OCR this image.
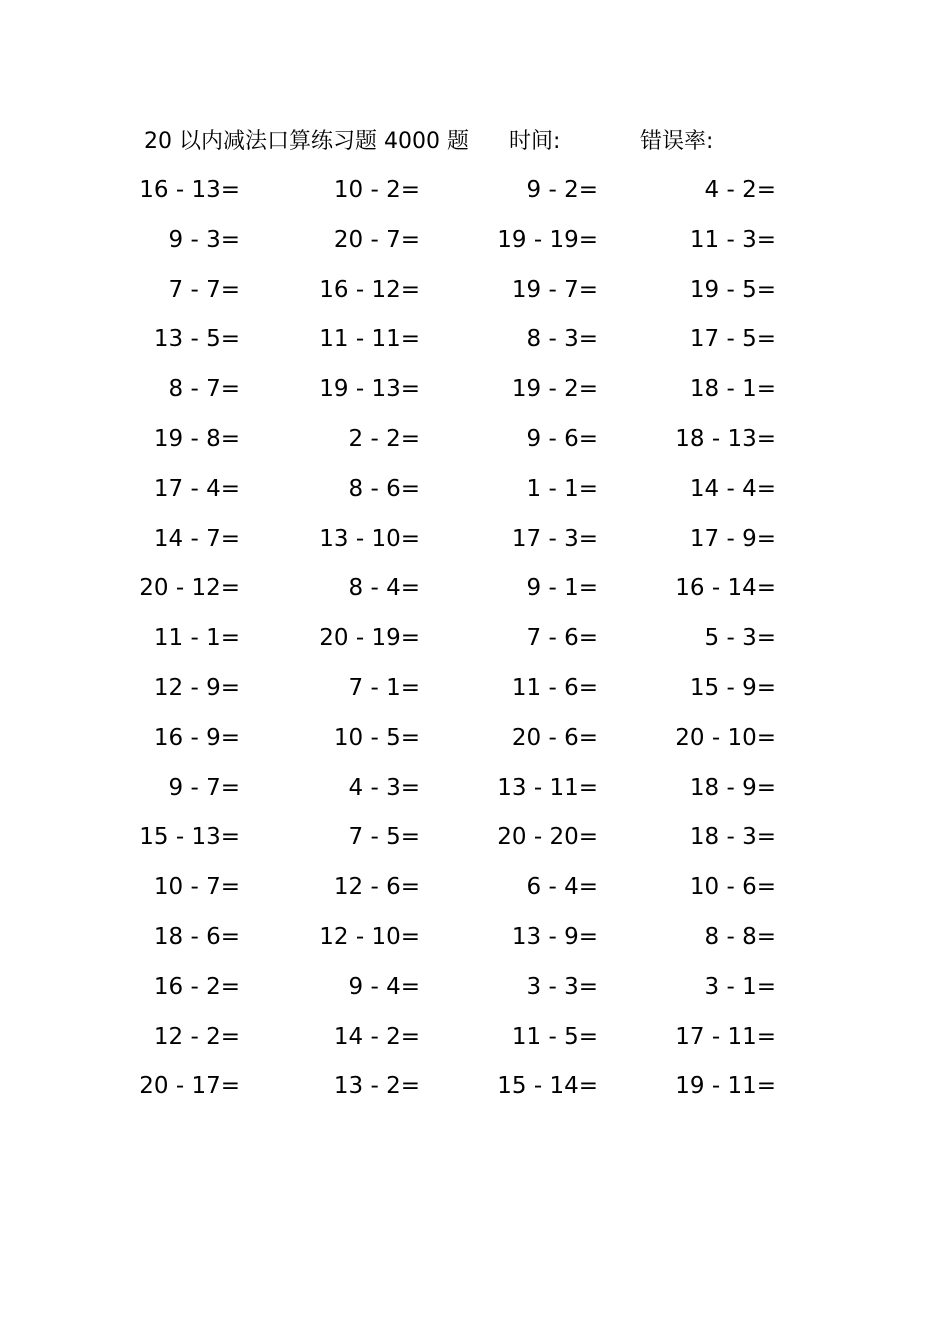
20 以内减法口算练习题 4000 题 时间:	错误率:
16 - 13=	10 - 2=	9 - 2=	4 - 2=
9 - 3=	20 - 7=	19 - 19=	11 - 3=
7 - 7=	16 - 12=	19 - 7=	19 - 5=
13 - 5=	11 - 11=	8 - 3=	17 - 5=
8 - 7=	19 - 13=	19 - 2=	18 - 1=
19 - 8=	2 - 2=	9 - 6=	18 - 13=
17 - 4=	8 - 6=	1 - 1=	14 - 4=
14 - 7=	13 - 10=	17 - 3=	17 - 9=
20 - 12=	8 - 4=	9 - 1=	16 - 14=
11 - 1=	20 - 19=	7 - 6=	5 - 3=
12 - 9=	7 - 1=	11 - 6=	15 - 9=
16 - 9=	10 - 5=	20 - 6=	20 - 10=
9 - 7=	4 - 3=	13 - 11=	18 - 9=
15 - 13=	7 - 5=	20 - 20=	18 - 3=
10 - 7=	12 - 6=	6 - 4=	10 - 6=
18 - 6=	12 - 10=	13 - 9=	8 - 8=
16 - 2=	9 - 4=	3 - 3=	3 - 1=
12 - 2=	14 - 2=	11 - 5=	17 - 11=
20 - 17=	13 - 2=	15 - 14=	19 - 11=
